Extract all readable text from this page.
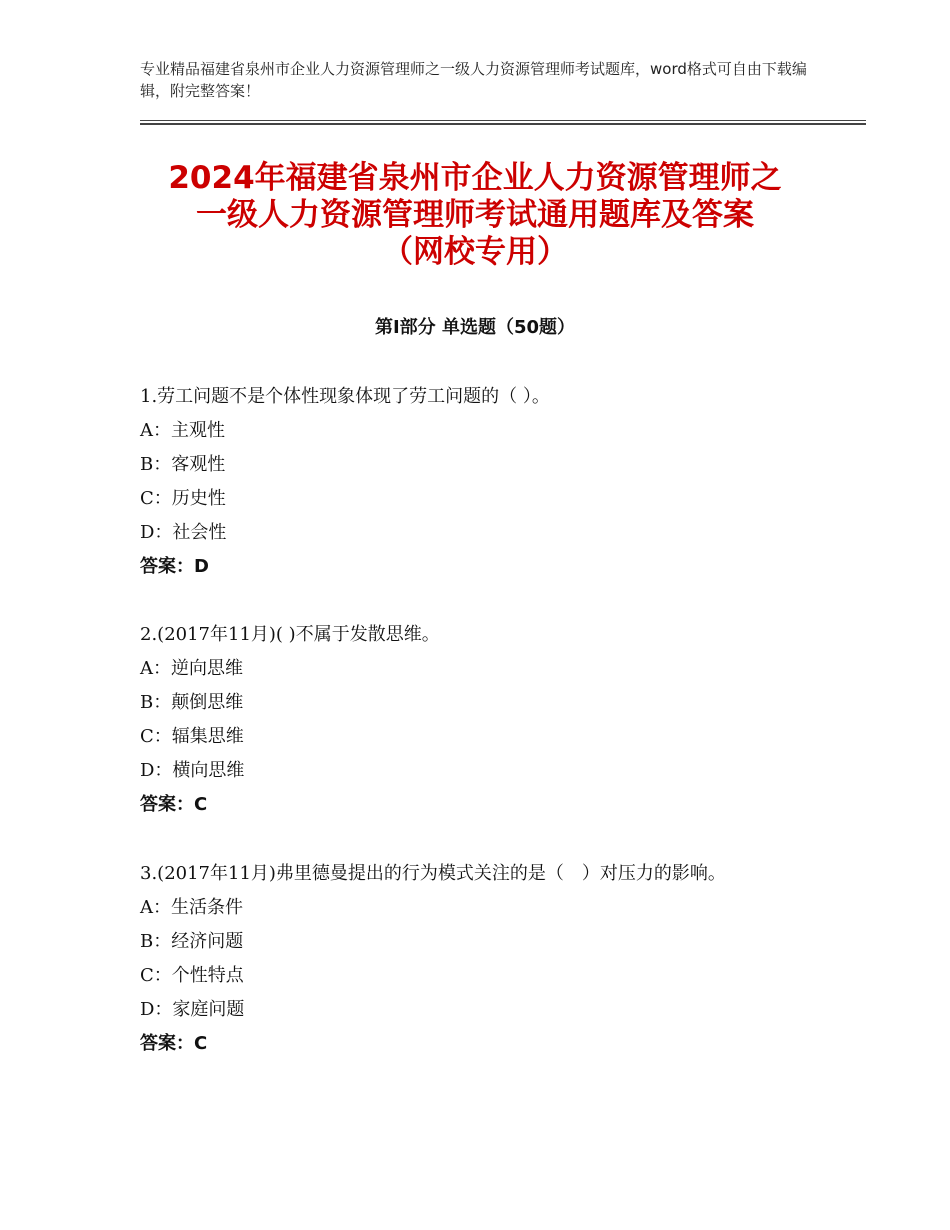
专业精品福建省泉州市企业人力资源管理师之一级人力资源管理师考试题库，word格式可自由下载编辑，附完整答案！
2024年福建省泉州市企业人力资源管理师之
一级人力资源管理师考试通用题库及答案
（网校专用）
第Ⅰ部分 单选题（50题）

1.劳工问题不是个体性现象体现了劳工问题的（ ）。

A：主观性

B：客观性

C：历史性

D：社会性

答案：D

2.(2017年11月)( )不属于发散思维。

A：逆向思维

B：颠倒思维

C：辐集思维

D：横向思维

答案：C

3.(2017年11月)弗里德曼提出的行为模式关注的是（　）对压力的影响。

A：生活条件

B：经济问题

C：个性特点

D：家庭问题

答案：C
